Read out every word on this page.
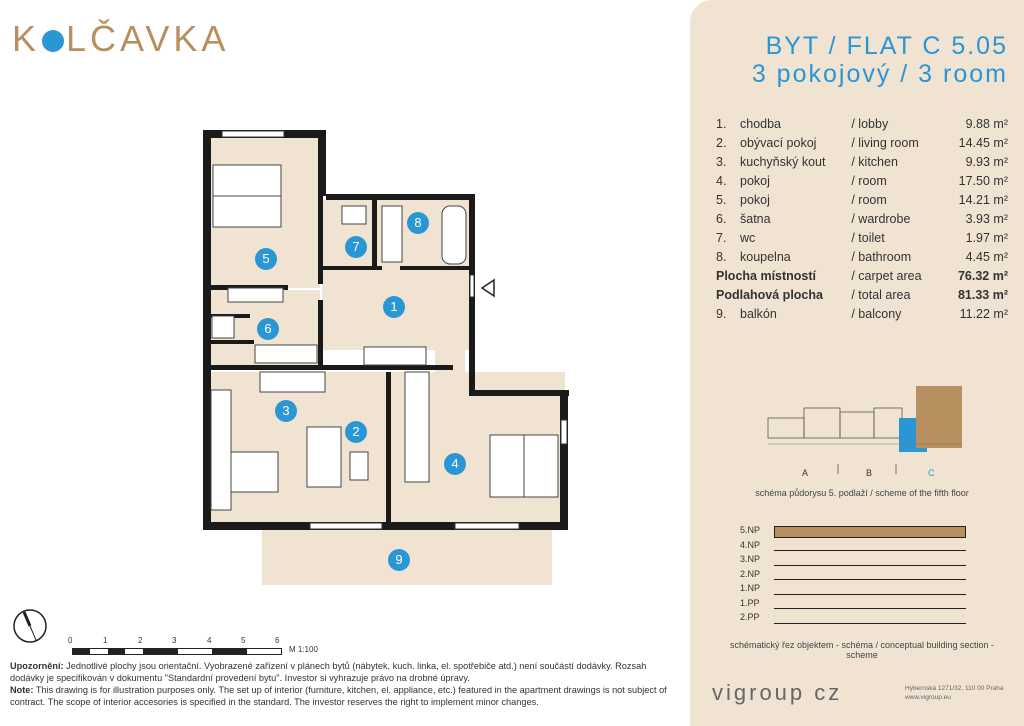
K LČAVKA
1
2
3
4
5
6
7
8
9
0	1	2	3	4	5	6
M 1:100
Upozornění: Jednotlivé plochy jsou orientační. Vyobrazené zařízení v plánech bytů (nábytek, kuch. linka, el. spotřebiče atd.) není součástí dodávky. Rozsah dodávky je specifikován v dokumentu "Standardní provedení bytu". Investor si vyhrazuje právo na drobné úpravy.
Note: This drawing is for illustration purposes only. The set up of interior (furniture, kitchen, el. appliance, etc.) featured in the apartment drawings is not subject of contract. The scope of interior accesories is specified in the standard. The investor reserves the right to implement minor changes.
BYT / FLAT C 5.05
3 pokojový / 3 room
1.	chodba	/ lobby	9.88 m²
2.	obývací pokoj	/ living room	14.45 m²
3.	kuchyňský kout	/ kitchen	9.93 m²
4.	pokoj	/ room	17.50 m²
5.	pokoj	/ room	14.21 m²
6.	šatna	/ wardrobe	3.93 m²
7.	wc	/ toilet	1.97 m²
8.	koupelna	/ bathroom	4.45 m²
Plocha místností		/ carpet area	76.32 m²
Podlahová plocha		/ total area	81.33 m²
9.	balkón	/ balcony	11.22 m²
A	B	C
schéma půdorysu 5. podlaží / scheme of the fifth floor
5.NP
4.NP
3.NP
2.NP
1.NP
1.PP
2.PP
schématický řez objektem - schéma / conceptual building section - scheme
vigroup cz	Hybernská 1271/32, 110 00 Praha
www.vigroup.eu
